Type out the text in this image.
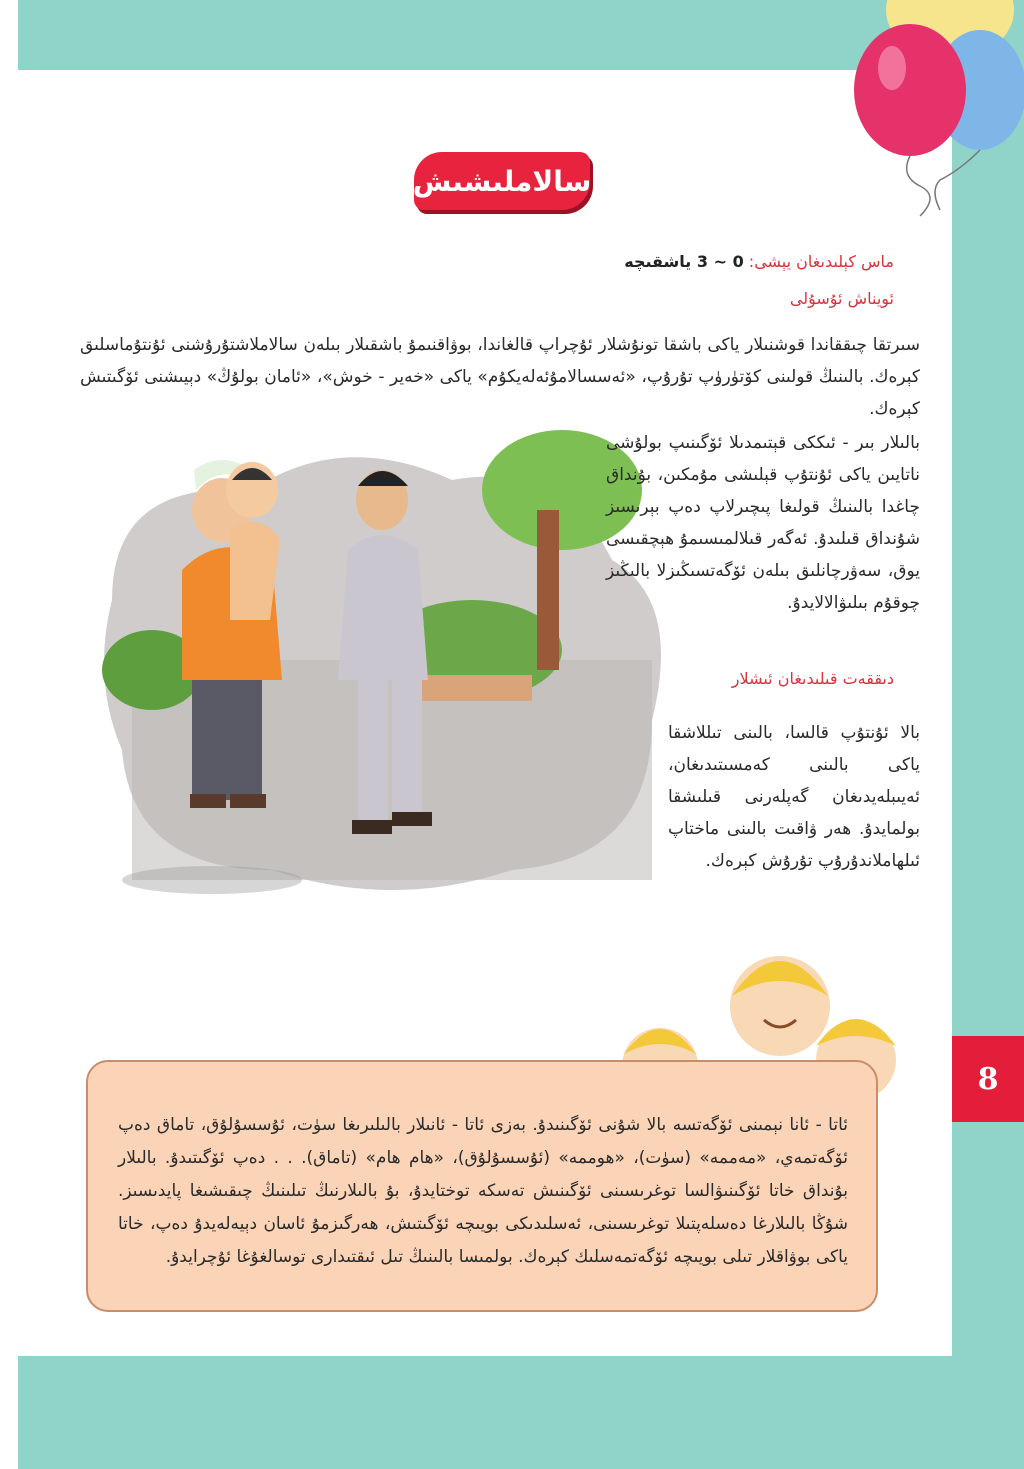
سالاملىشىش
ماس كېلىدىغان يېشى: 0 ~ 3 ياشقىچە
ئويناش ئۇسۇلى

سىرتقا چىققاندا قوشنىلار ياكى باشقا تونۇشلار ئۇچراپ قالغاندا، بوۋاقنىمۇ باشقىلار بىلەن سالاملاشتۇرۇشنى ئۇنتۇماسلىق كېرەك. بالىنىڭ قولىنى كۆتۈرۈپ تۇرۇپ، «ئەسسالامۇئەلەيكۇم» ياكى «خەير - خوش»، «ئامان بولۇڭ» دېيىشنى ئۆگىتىش كېرەك.

بالىلار بىر - ئىككى قېتىمدىلا ئۆگىنىپ بولۇشى ناتايىن ياكى ئۇنتۇپ قېلىشى مۇمكىن، بۇنداق چاغدا بالىنىڭ قولىغا پىچىرلاپ دەپ بېرىسىز شۇنداق قىلىدۇ. ئەگەر قىلالمىسىمۇ ھېچقىسى يوق، سەۋرچانلىق بىلەن ئۆگەتسىڭىزلا بالىڭىز چوقۇم بىلىۋالالايدۇ.

دىققەت قىلىدىغان ئىشلار

بالا ئۇنتۇپ قالسا، بالىنى تىللاشقا ياكى بالىنى كەمسىتىدىغان، ئەيىبلەيدىغان گەپلەرنى قىلىشقا بولمايدۇ. ھەر ۋاقىت بالىنى ماختاپ ئىلھاملاندۇرۇپ تۇرۇش كېرەك.

ئاتا - ئانا نېمىنى ئۆگەتسە بالا شۇنى ئۆگىنىدۇ. بەزى ئاتا - ئانىلار بالىلىرىغا سۈت، ئۇسسۇلۇق، تاماق دەپ ئۆگەتمەي، «مەممە» (سۈت)، «ھوممە» (ئۇسسۇلۇق)، «ھام ھام» (تاماق). . . دەپ ئۆگىتىدۇ. بالىلار بۇنداق خاتا ئۆگىنىۋالسا توغرىسىنى ئۆگىنىش تەسكە توختايدۇ، بۇ بالىلارنىڭ تىلىنىڭ چىقىشىغا پايدىسىز. شۇڭا بالىلارغا دەسلەپتىلا توغرىسىنى، ئەسلىدىكى بويىچە ئۆگىتىش، ھەرگىزمۇ ئاسان دېيەلەيدۇ دەپ، خاتا ياكى بوۋاقلار تىلى بويىچە ئۆگەتمەسلىك كېرەك. بولمىسا بالىنىڭ تىل ئىقتىدارى توسالغۇغا ئۇچرايدۇ.

8
